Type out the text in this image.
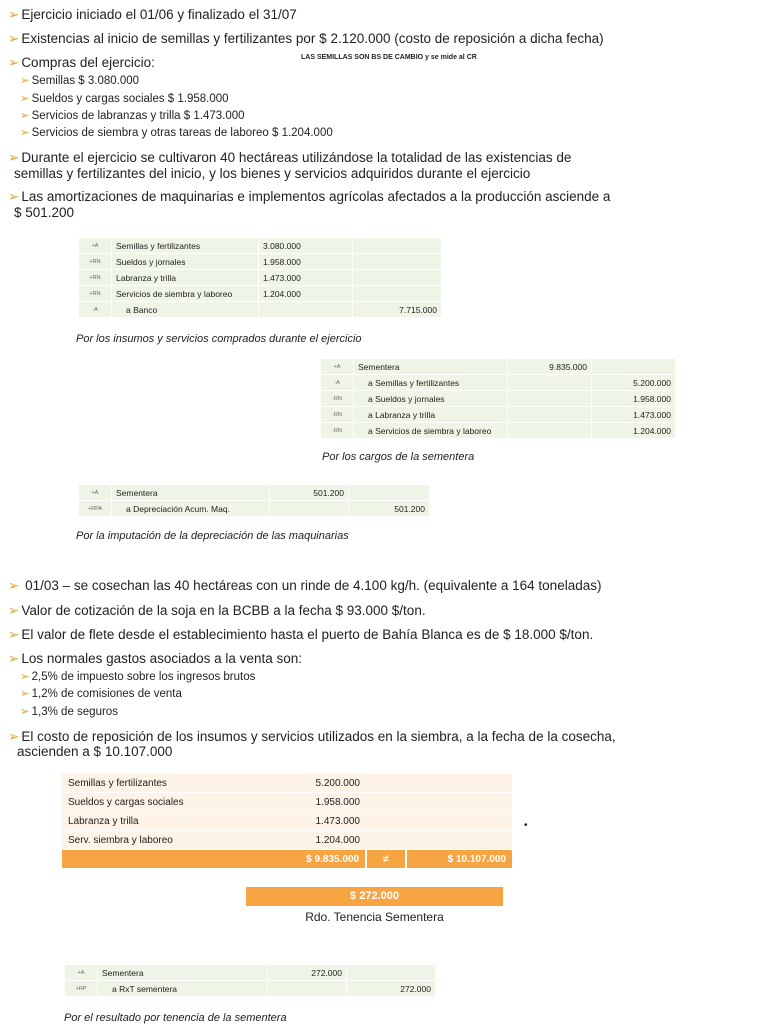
➢ Ejercicio iniciado el 01/06 y finalizado el 31/07
➢ Existencias al inicio de semillas y fertilizantes por $ 2.120.000 (costo de reposición a dicha fecha)
➢ Compras del ejercicio:	LAS SEMILLAS SON BS DE CAMBIO y se mide al CR
➢ Semillas $ 3.080.000
➢ Sueldos y cargas sociales $ 1.958.000
➢ Servicios de labranzas y trilla $ 1.473.000
➢ Servicios de siembra y otras tareas de laboreo $ 1.204.000
➢ Durante el ejercicio se cultivaron 40 hectáreas utilizándose la totalidad de las existencias de
semillas y fertilizantes del inicio, y los bienes y servicios adquiridos durante el ejercicio
➢ Las amortizaciones de maquinarias e implementos agrícolas afectados a la producción asciende a
$ 501.200
+A	Semillas y fertilizantes	3.080.000	
+RN	Sueldos y jornales	1.958.000	
+RN	Labranza y trilla	1.473.000	
+RN	Servicios de siembra y laboreo	1.204.000	
-A	a Banco		7.715.000
Por los insumos y servicios comprados durante el ejercicio
+A	Sementera	9.835.000	
-A	a Semillas y fertilizantes		5.200.000
-RN	a Sueldos y jornales		1.958.000
-RN	a Labranza y trilla		1.473.000
-RN	a Servicios de siembra y laboreo		1.204.000
Por los cargos de la sementera
+A	Sementera	501.200	
+RPA	a Depreciación Acum. Maq.		501.200
Por la imputación de la depreciación de las maquinarias
➢ 01/03 – se cosechan las 40 hectáreas con un rinde de 4.100 kg/h. (equivalente a 164 toneladas)
➢ Valor de cotización de la soja en la BCBB a la fecha $ 93.000 $/ton.
➢ El valor de flete desde el establecimiento hasta el puerto de Bahía Blanca es de $ 18.000 $/ton.
➢ Los normales gastos asociados a la venta son:
➢ 2,5% de impuesto sobre los ingresos brutos
➢ 1,2% de comisiones de venta
➢ 1,3% de seguros
➢ El costo de reposición de los insumos y servicios utilizados en la siembra, a la fecha de la cosecha,
ascienden a $ 10.107.000
Semillas y fertilizantes	5.200.000		
Sueldos y cargas sociales	1.958.000		
Labranza y trilla	1.473.000		
Serv. siembra y laboreo	1.204.000		
	$ 9.835.000	≠	$ 10.107.000
•
$ 272.000
Rdo. Tenencia Sementera
+A	Sementera	272.000	
+RP	a RxT sementera		272.000
Por el resultado por tenencia de la sementera
